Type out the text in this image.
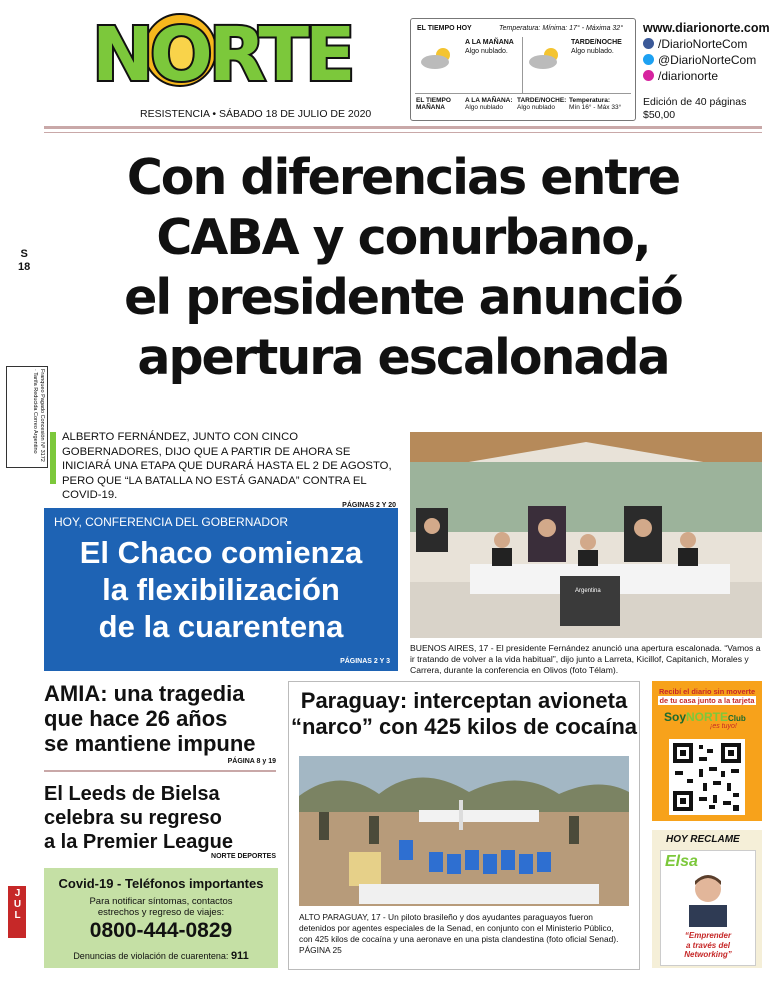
NORTE
RESISTENCIA • SÁBADO 18 DE JULIO DE 2020
EL TIEMPO HOY	Temperatura: Mínima: 17° - Máxima 32°
A LA MAÑANA
Algo nublado.
TARDE/NOCHE
Algo nublado.
EL TIEMPO MAÑANA
A LA MAÑANA:
Algo nublado
TARDE/NOCHE:
Algo nublado
Temperatura:
Mín 16° - Máx 33°
www.diarionorte.com
/DiarioNorteCom
@DiarioNorteCom
/diarionorte
Edición de 40 páginas
$50,00
S
18
Franqueo Pagado Concesión Nº 3172 · Tarifa Reducida Correo Argentino
JUL
Con diferencias entre
CABA y conurbano,
el presidente anunció
apertura escalonada
ALBERTO FERNÁNDEZ, JUNTO CON CINCO GOBERNADORES, DIJO QUE A PARTIR DE AHORA SE INICIARÁ UNA ETAPA QUE DURARÁ HASTA EL 2 DE AGOSTO, PERO QUE “LA BATALLA NO ESTÁ GANADA” CONTRA EL COVID-19.
PÁGINAS 2 Y 20
Argentina
BUENOS AIRES, 17 - El presidente Fernández anunció una apertura escalonada. “Vamos a ir tratando de volver a la vida habitual”, dijo junto a Larreta, Kicillof, Capitanich, Morales y Carrera, durante la conferencia en Olivos (foto Télam).
HOY, CONFERENCIA DEL GOBERNADOR
El Chaco comienza
la flexibilización
de la cuarentena
PÁGINAS 2 Y 3
AMIA: una tragedia
que hace 26 años
se mantiene impune
PÁGINA 8 y 19
El Leeds de Bielsa
celebra su regreso
a la Premier League
NORTE DEPORTES
Covid-19 - Teléfonos importantes
Para notificar síntomas, contactos
estrechos y regreso de viajes:
0800-444-0829
Denuncias de violación de cuarentena: 911
Paraguay: interceptan avioneta
“narco” con 425 kilos de cocaína
ALTO PARAGUAY, 17 - Un piloto brasileño y dos ayudantes paraguayos fueron detenidos por agentes especiales de la Senad, en conjunto con el Ministerio Público, con 425 kilos de cocaína y una aeronave en una pista clandestina (foto oficial Senad). PÁGINA 25
Recibí el diario sin moverte
de tu casa junto a la tarjeta
SoyNORTEClub
¡es tuyo!
HOY RECLAME
Elsa
“Emprender
a través del
Networking”
